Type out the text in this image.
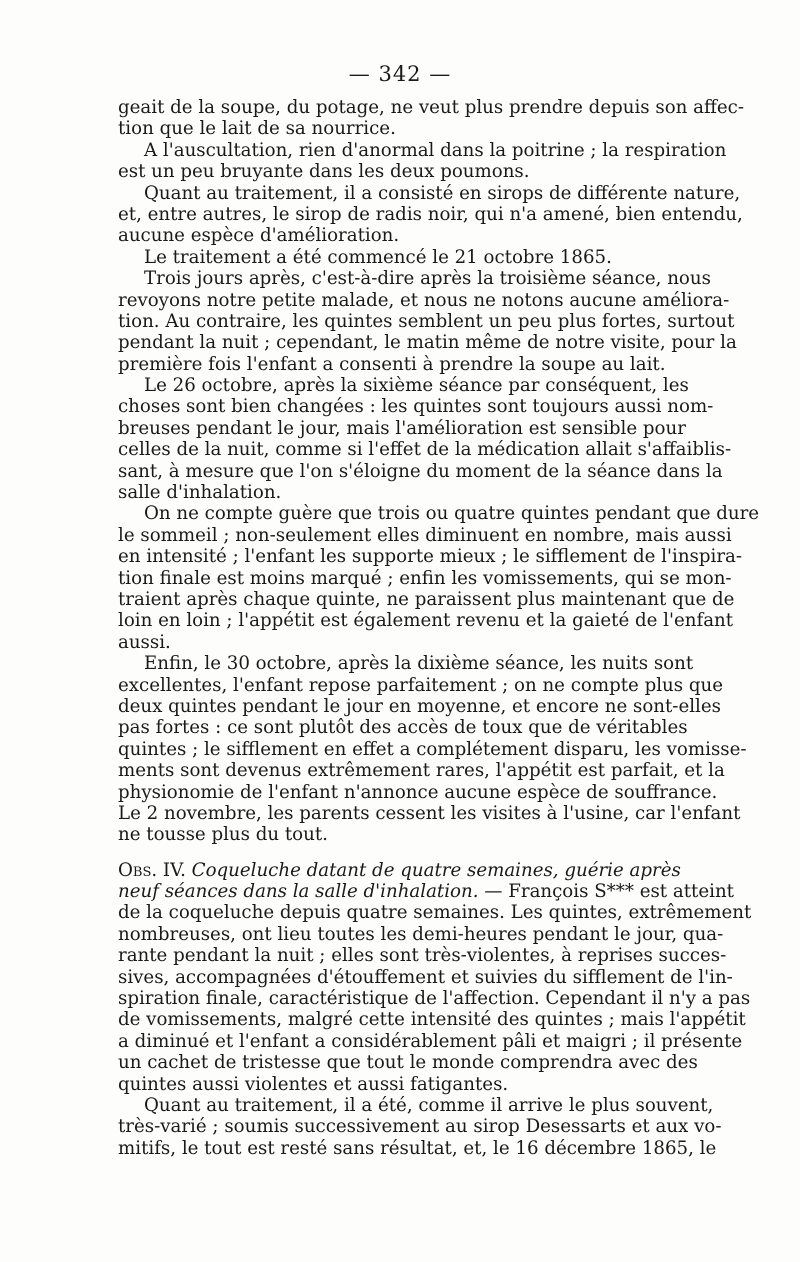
— 342 —
geait de la soupe, du potage, ne veut plus prendre depuis son affec-
tion que le lait de sa nourrice.
A l'auscultation, rien d'anormal dans la poitrine ; la respiration
est un peu bruyante dans les deux poumons.
Quant au traitement, il a consisté en sirops de différente nature,
et, entre autres, le sirop de radis noir, qui n'a amené, bien entendu,
aucune espèce d'amélioration.
Le traitement a été commencé le 21 octobre 1865.
Trois jours après, c'est-à-dire après la troisième séance, nous
revoyons notre petite malade, et nous ne notons aucune améliora-
tion. Au contraire, les quintes semblent un peu plus fortes, surtout
pendant la nuit ; cependant, le matin même de notre visite, pour la
première fois l'enfant a consenti à prendre la soupe au lait.
Le 26 octobre, après la sixième séance par conséquent, les
choses sont bien changées : les quintes sont toujours aussi nom-
breuses pendant le jour, mais l'amélioration est sensible pour
celles de la nuit, comme si l'effet de la médication allait s'affaiblis-
sant, à mesure que l'on s'éloigne du moment de la séance dans la
salle d'inhalation.
On ne compte guère que trois ou quatre quintes pendant que dure
le sommeil ; non-seulement elles diminuent en nombre, mais aussi
en intensité ; l'enfant les supporte mieux ; le sifflement de l'inspira-
tion finale est moins marqué ; enfin les vomissements, qui se mon-
traient après chaque quinte, ne paraissent plus maintenant que de
loin en loin ; l'appétit est également revenu et la gaieté de l'enfant
aussi.
Enfin, le 30 octobre, après la dixième séance, les nuits sont
excellentes, l'enfant repose parfaitement ; on ne compte plus que
deux quintes pendant le jour en moyenne, et encore ne sont-elles
pas fortes : ce sont plutôt des accès de toux que de véritables
quintes ; le sifflement en effet a complétement disparu, les vomisse-
ments sont devenus extrêmement rares, l'appétit est parfait, et la
physionomie de l'enfant n'annonce aucune espèce de souffrance.
Le 2 novembre, les parents cessent les visites à l'usine, car l'enfant
ne tousse plus du tout.
Obs. IV. Coqueluche datant de quatre semaines, guérie après
neuf séances dans la salle d'inhalation. — François S*** est atteint
de la coqueluche depuis quatre semaines. Les quintes, extrêmement
nombreuses, ont lieu toutes les demi-heures pendant le jour, qua-
rante pendant la nuit ; elles sont très-violentes, à reprises succes-
sives, accompagnées d'étouffement et suivies du sifflement de l'in-
spiration finale, caractéristique de l'affection. Cependant il n'y a pas
de vomissements, malgré cette intensité des quintes ; mais l'appétit
a diminué et l'enfant a considérablement pâli et maigri ; il présente
un cachet de tristesse que tout le monde comprendra avec des
quintes aussi violentes et aussi fatigantes.
Quant au traitement, il a été, comme il arrive le plus souvent,
très-varié ; soumis successivement au sirop Desessarts et aux vo-
mitifs, le tout est resté sans résultat, et, le 16 décembre 1865, le
